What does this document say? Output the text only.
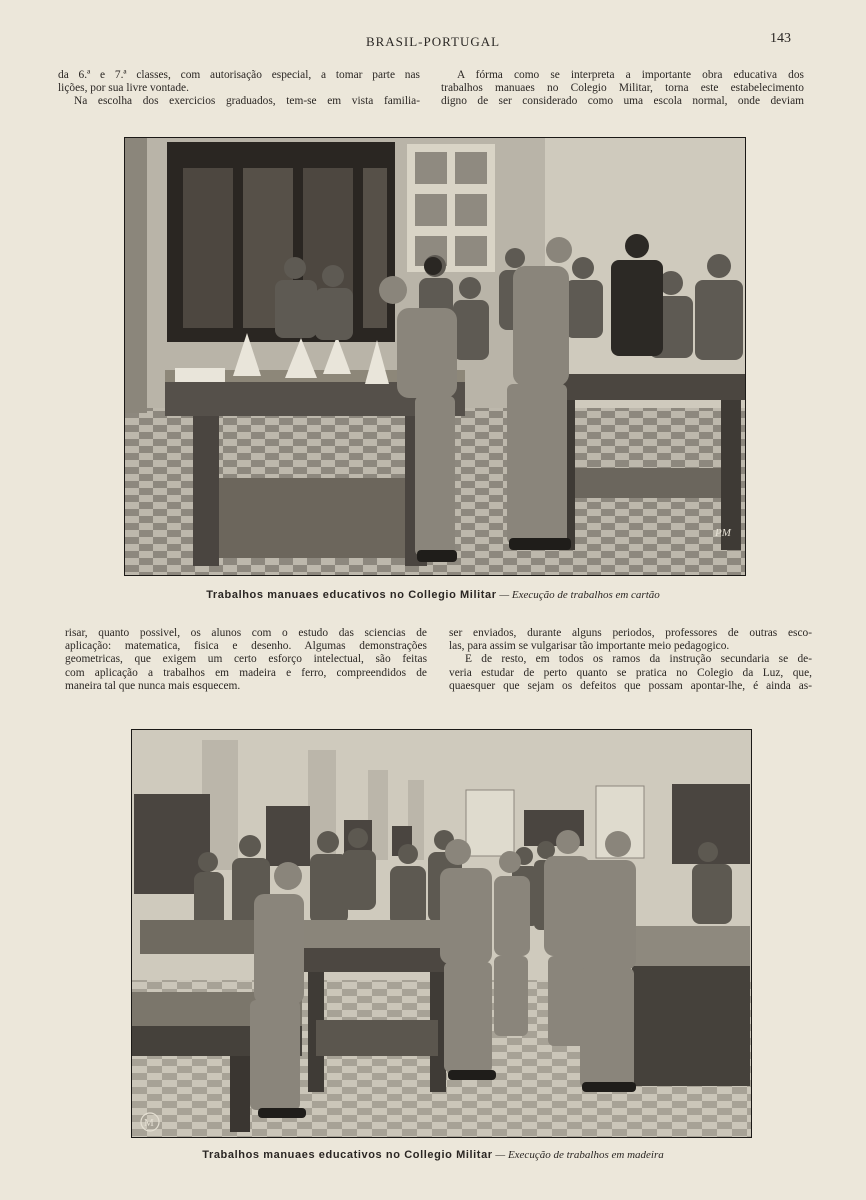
BRASIL-PORTUGAL	143

da 6.ª e 7.ª classes, com autorisação especial, a tomar parte nas

lições, por sua livre vontade.

Na escolha dos exercicios graduados, tem-se em vista familia-

A fórma como se interpreta a importante obra educativa dos

trabalhos manuaes no Colegio Militar, torna este estabelecimento

digno de ser considerado como uma escola normal, onde deviam

PM
Trabalhos manuaes educativos no Collegio Militar — Execução de trabalhos em cartão

risar, quanto possivel, os alunos com o estudo das sciencias de

aplicação: matematica, fisica e desenho. Algumas demonstrações

geometricas, que exigem um certo esforço intelectual, são feitas

com aplicação a trabalhos em madeira e ferro, compreendidos de

maneira tal que nunca mais esquecem.

ser enviados, durante alguns periodos, professores de outras esco-

las, para assim se vulgarisar tão importante meio pedagogico.

E de resto, em todos os ramos da instrução secundaria se de-

veria estudar de perto quanto se pratica no Colegio da Luz, que,

quaesquer que sejam os defeitos que possam apontar-lhe, é ainda as-

M
Trabalhos manuaes educativos no Collegio Militar — Execução de trabalhos em madeira
